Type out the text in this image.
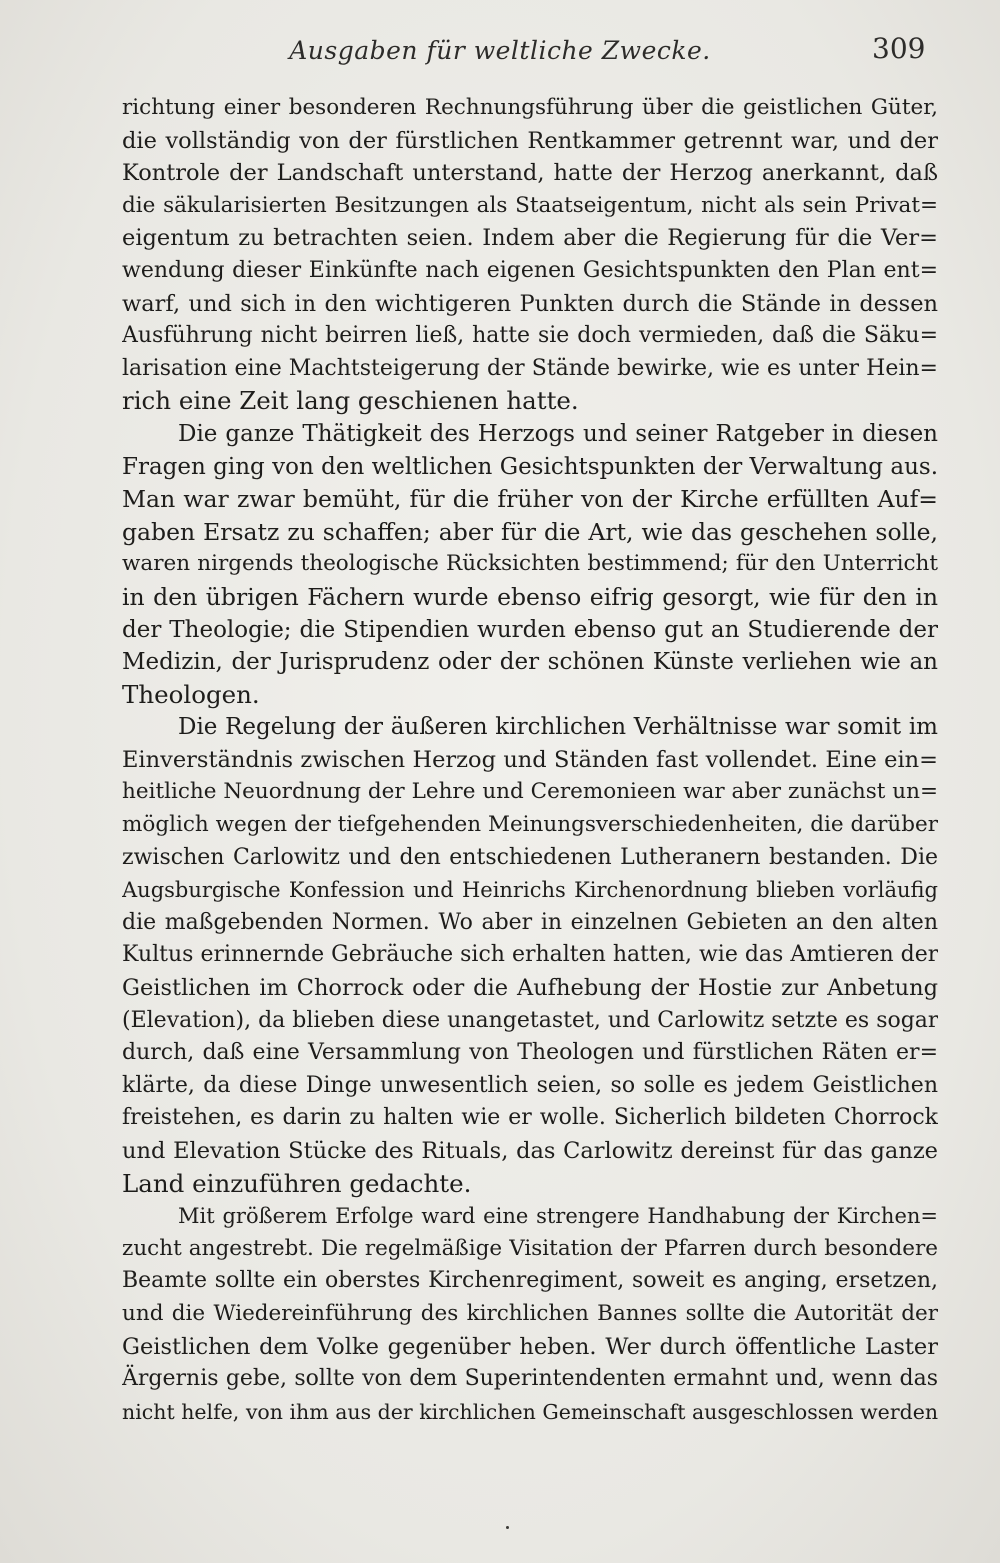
Ausgaben für weltliche Zwecke.	309
richtung einer besonderen Rechnungsführung über die geistlichen Güter,
die vollständig von der fürstlichen Rentkammer getrennt war, und der
Kontrole der Landschaft unterstand, hatte der Herzog anerkannt, daß
die säkularisierten Besitzungen als Staatseigentum, nicht als sein Privat=
eigentum zu betrachten seien. Indem aber die Regierung für die Ver=
wendung dieser Einkünfte nach eigenen Gesichtspunkten den Plan ent=
warf, und sich in den wichtigeren Punkten durch die Stände in dessen
Ausführung nicht beirren ließ, hatte sie doch vermieden, daß die Säku=
larisation eine Machtsteigerung der Stände bewirke, wie es unter Hein=
rich eine Zeit lang geschienen hatte.
Die ganze Thätigkeit des Herzogs und seiner Ratgeber in diesen
Fragen ging von den weltlichen Gesichtspunkten der Verwaltung aus.
Man war zwar bemüht, für die früher von der Kirche erfüllten Auf=
gaben Ersatz zu schaffen; aber für die Art, wie das geschehen solle,
waren nirgends theologische Rücksichten bestimmend; für den Unterricht
in den übrigen Fächern wurde ebenso eifrig gesorgt, wie für den in
der Theologie; die Stipendien wurden ebenso gut an Studierende der
Medizin, der Jurisprudenz oder der schönen Künste verliehen wie an
Theologen.
Die Regelung der äußeren kirchlichen Verhältnisse war somit im
Einverständnis zwischen Herzog und Ständen fast vollendet. Eine ein=
heitliche Neuordnung der Lehre und Ceremonieen war aber zunächst un=
möglich wegen der tiefgehenden Meinungsverschiedenheiten, die darüber
zwischen Carlowitz und den entschiedenen Lutheranern bestanden. Die
Augsburgische Konfession und Heinrichs Kirchenordnung blieben vorläufig
die maßgebenden Normen. Wo aber in einzelnen Gebieten an den alten
Kultus erinnernde Gebräuche sich erhalten hatten, wie das Amtieren der
Geistlichen im Chorrock oder die Aufhebung der Hostie zur Anbetung
(Elevation), da blieben diese unangetastet, und Carlowitz setzte es sogar
durch, daß eine Versammlung von Theologen und fürstlichen Räten er=
klärte, da diese Dinge unwesentlich seien, so solle es jedem Geistlichen
freistehen, es darin zu halten wie er wolle. Sicherlich bildeten Chorrock
und Elevation Stücke des Rituals, das Carlowitz dereinst für das ganze
Land einzuführen gedachte.
Mit größerem Erfolge ward eine strengere Handhabung der Kirchen=
zucht angestrebt. Die regelmäßige Visitation der Pfarren durch besondere
Beamte sollte ein oberstes Kirchenregiment, soweit es anging, ersetzen,
und die Wiedereinführung des kirchlichen Bannes sollte die Autorität der
Geistlichen dem Volke gegenüber heben. Wer durch öffentliche Laster
Ärgernis gebe, sollte von dem Superintendenten ermahnt und, wenn das
nicht helfe, von ihm aus der kirchlichen Gemeinschaft ausgeschlossen werden
